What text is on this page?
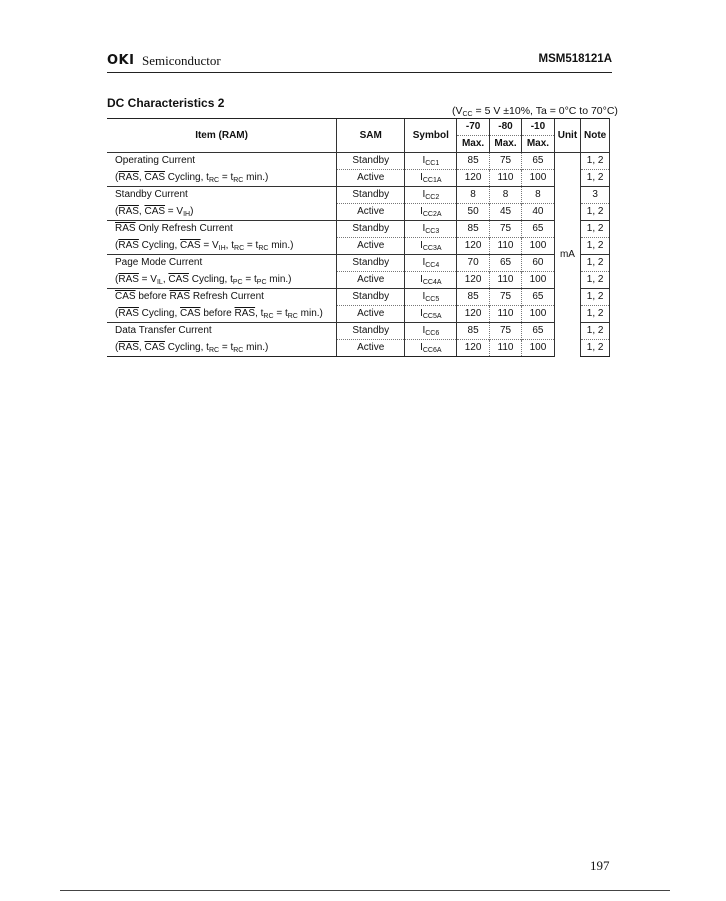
OKI Semiconductor	MSM518121A
DC Characteristics 2
($V_{CC} = 5$ V ±10%, Ta = 0°C to 70°C)
Item (RAM)	SAM	Symbol	-70	-80	-10	Unit	Note
			Max.	Max.	Max.		
Operating Current	Standby	$I_{CC1}$	85	75	65	mA	1, 2
($\overline{RAS}$, $\overline{CAS}$ Cycling, $t_{RC} = t_{RC}$ min.)	Active	$I_{CC1A}$	120	110	100		1, 2
Standby Current	Standby	$I_{CC2}$	8	8	8		3
($\overline{RAS}$, $\overline{CAS} = V_{IH}$)	Active	$I_{CC2A}$	50	45	40		1, 2
$\overline{RAS}$ Only Refresh Current	Standby	$I_{CC3}$	85	75	65		1, 2
($\overline{RAS}$ Cycling, $\overline{CAS} = V_{IH}$, $t_{RC} = t_{RC}$ min.)	Active	$I_{CC3A}$	120	110	100		1, 2
Page Mode Current	Standby	$I_{CC4}$	70	65	60		1, 2
($\overline{RAS} = V_{IL}$, $\overline{CAS}$ Cycling, $t_{PC} = t_{PC}$ min.)	Active	$I_{CC4A}$	120	110	100		1, 2
$\overline{CAS}$ before $\overline{RAS}$ Refresh Current	Standby	$I_{CC5}$	85	75	65		1, 2
($\overline{RAS}$ Cycling, $\overline{CAS}$ before $\overline{RAS}$, $t_{RC} = t_{RC}$ min.)	Active	$I_{CC5A}$	120	110	100		1, 2
Data Transfer Current	Standby	$I_{CC6}$	85	75	65		1, 2
($\overline{RAS}$, $\overline{CAS}$ Cycling, $t_{RC} = t_{RC}$ min.)	Active	$I_{CC6A}$	120	110	100		1, 2
197
